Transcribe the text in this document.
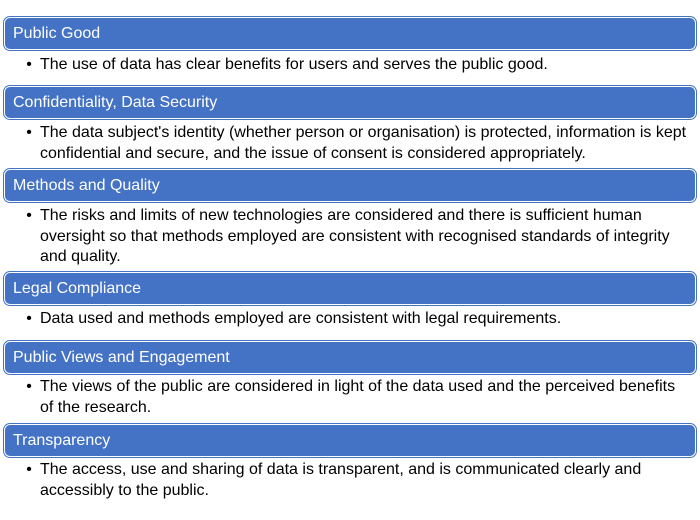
Public Good
• The use of data has clear benefits for users and serves the public good.
Confidentiality, Data Security
• The data subject's identity (whether person or organisation) is protected, information is kept confidential and secure, and the issue of consent is considered appropriately.
Methods and Quality
• The risks and limits of new technologies are considered and there is sufficient human oversight so that methods employed are consistent with recognised standards of integrity and quality.
Legal Compliance
• Data used and methods employed are consistent with legal requirements.
Public Views and Engagement
• The views of the public are considered in light of the data used and the perceived benefits of the research.
Transparency
• The access, use and sharing of data is transparent, and is communicated clearly and accessibly to the public.
